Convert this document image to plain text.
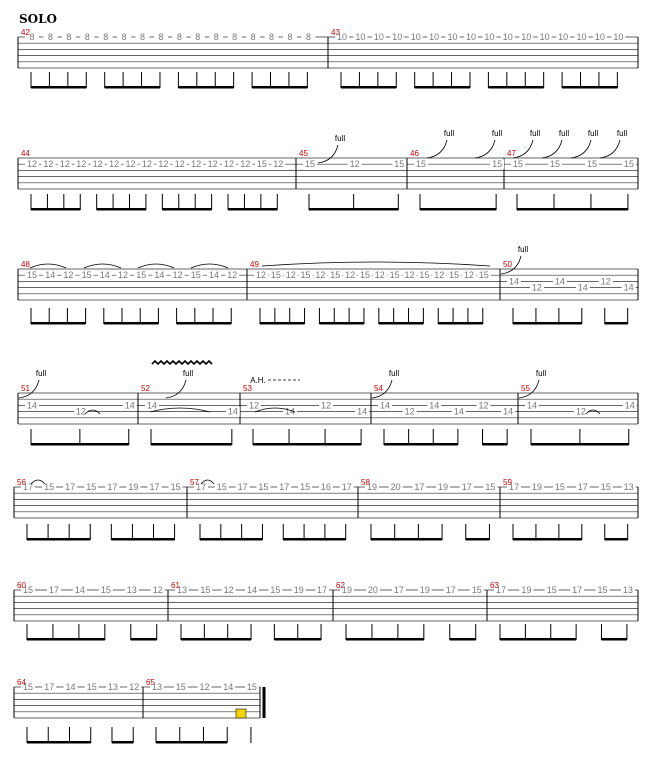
SOLO
42 8 8 8 8 8 8 8 8 8 8 8 8 8 8 8 8	43
10 10 10 10 10 10 10 10 10 10 10 10 10 10 10 10
44
12 12 12 12 12 12 12 12 12 12 12 12 12 12 15 12
45
15	12	15
46
15	15
47
15	15	15	15
48
15 14 12 15 14 12 15 14 12 15 14 12
49
12 15 12 15 12 15 12 15 12 15 12 15 12 15 12 15
50
14
12
14
14
12
14
51
14
12
14
52
14
14
53
12
14
12
14
54
14
12
14
14
12
14
55
14
12
14
56
17 15 17 15 17 19 17 15 57
17 15 17 15 17 15 16 17 58
19 20 17 19 17 15 59
17 19 15 17 15 13
60
15 17 14 15 13 12 61
13 15 12 14 15 19 17 62
19 20 17 19 17 15 63
17 19 15 17 15 13
64
15 17 14 15 13 12 65
13 15 12 14 15
full
full	full	full full full full
full
full	full	full	full
A.H.
